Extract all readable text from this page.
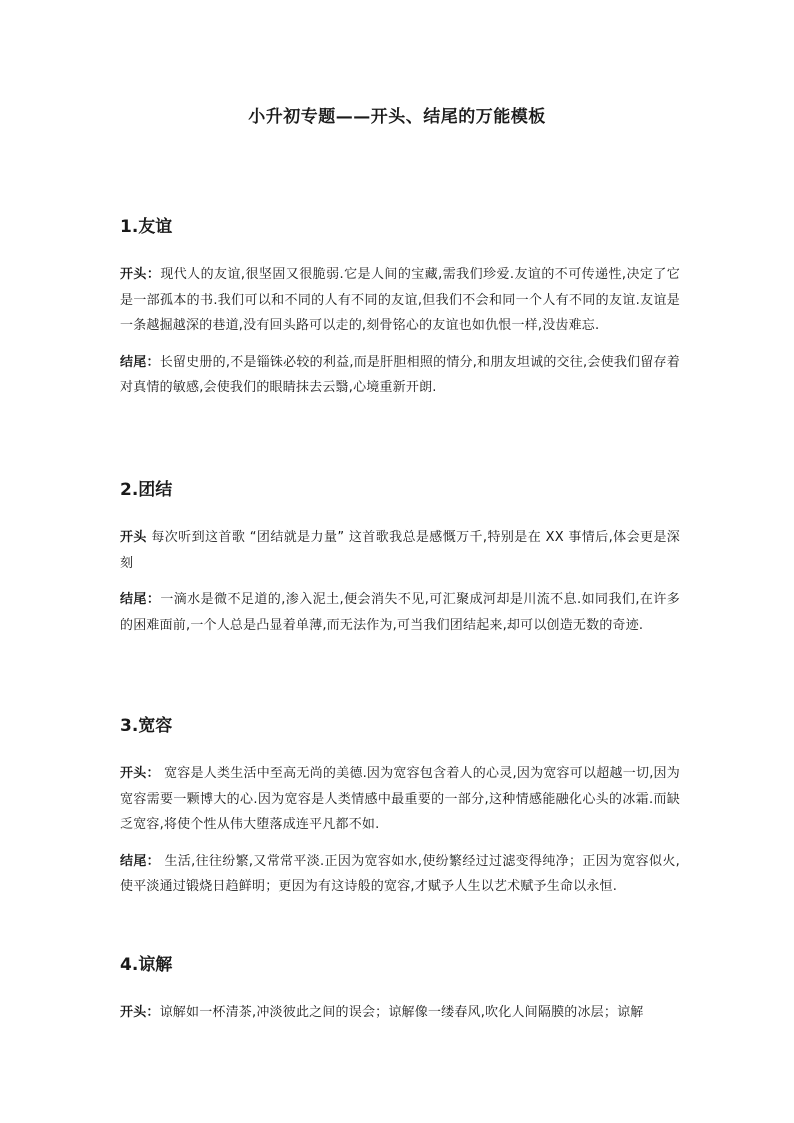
小升初专题——开头、结尾的万能模板
1.友谊

开头：现代人的友谊,很坚固又很脆弱.它是人间的宝藏,需我们珍爱.友谊的不可传递性,决定了它是一部孤本的书.我们可以和不同的人有不同的友谊,但我们不会和同一个人有不同的友谊.友谊是一条越掘越深的巷道,没有回头路可以走的,刻骨铭心的友谊也如仇恨一样,没齿难忘.

结尾：长留史册的,不是锱铢必较的利益,而是肝胆相照的情分,和朋友坦诚的交往,会使我们留存着对真情的敏感,会使我们的眼睛抹去云翳,心境重新开朗.

2.团结

开头 每次听到这首歌 “团结就是力量” 这首歌我总是感慨万千,特别是在 XX 事情后,体会更是深刻

结尾：一滴水是微不足道的,渗入泥土,便会消失不见,可汇聚成河却是川流不息.如同我们,在许多的困难面前,一个人总是凸显着单薄,而无法作为,可当我们团结起来,却可以创造无数的奇迹.

3.宽容

开头： 宽容是人类生活中至高无尚的美德.因为宽容包含着人的心灵,因为宽容可以超越一切,因为宽容需要一颗博大的心.因为宽容是人类情感中最重要的一部分,这种情感能融化心头的冰霜.而缺乏宽容,将使个性从伟大堕落成连平凡都不如.

结尾： 生活,往往纷繁,又常常平淡.正因为宽容如水,使纷繁经过过滤变得纯净；正因为宽容似火,使平淡通过锻烧日趋鲜明；更因为有这诗般的宽容,才赋予人生以艺术赋予生命以永恒.

4.谅解

开头：谅解如一杯清茶,冲淡彼此之间的误会；谅解像一缕春风,吹化人间隔膜的冰层；谅解
